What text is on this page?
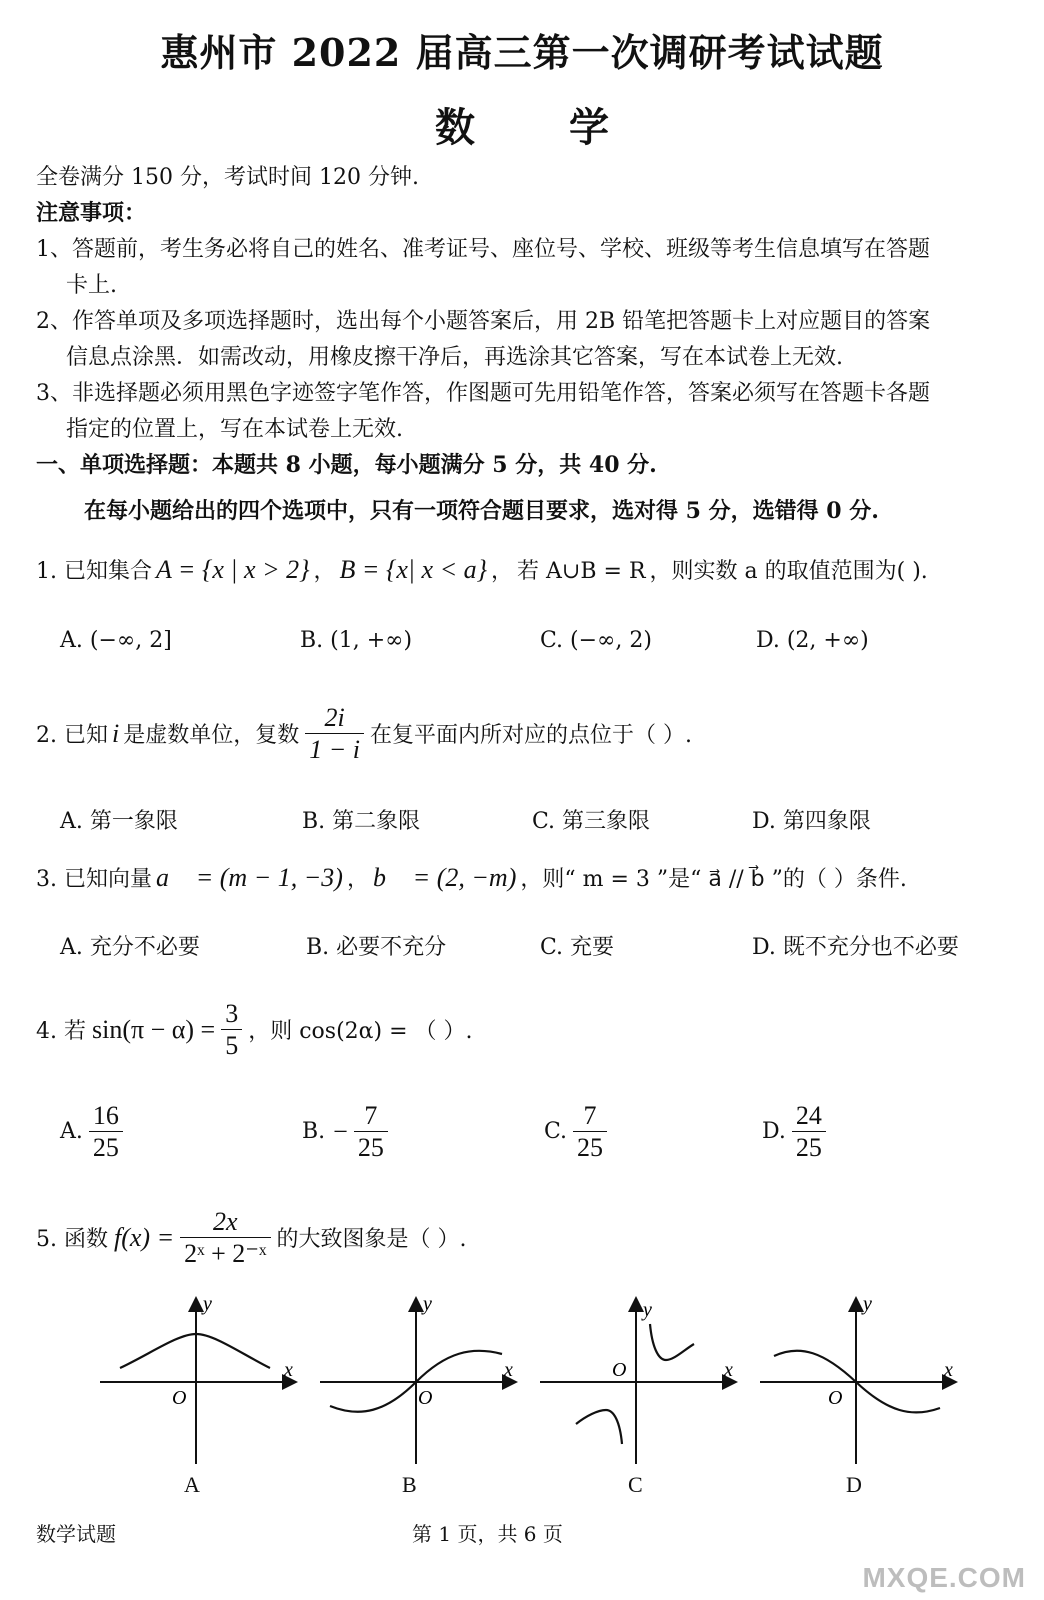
惠州市 2022 届高三第一次调研考试试题
数 学
全卷满分 150 分，考试时间 120 分钟.
注意事项：
1、答题前，考生务必将自己的姓名、准考证号、座位号、学校、班级等考生信息填写在答题
卡上.
2、作答单项及多项选择题时，选出每个小题答案后，用 2B 铅笔把答题卡上对应题目的答案
信息点涂黑．如需改动，用橡皮擦干净后，再选涂其它答案，写在本试卷上无效.
3、非选择题必须用黑色字迹签字笔作答，作图题可先用铅笔作答，答案必须写在答题卡各题
指定的位置上，写在本试卷上无效.
一、单项选择题：本题共 8 小题，每小题满分 5 分，共 40 分.
在每小题给出的四个选项中，只有一项符合题目要求，选对得 5 分，选错得 0 分.
1. 已知集合 A = {x | x > 2} ， B = {x| x < a} ， 若 A∪B = R ， 则实数 a 的取值范围为( ).
A. (−∞, 2]	B. (1, +∞)	C. (−∞, 2)	D. (2, +∞)
2. 已知 i 是虚数单位，复数 $\frac{2i}{1 - i}$ 在复平面内所对应的点位于（ ）.
A. 第一象限	B. 第二象限	C. 第三象限	D. 第四象限
3. 已知向量 a⃗ = (m − 1, −3) ， b⃗ = (2, −m) ，则“ m = 3 ”是“ a⃗ // b⃗ ”的（ ）条件.
A. 充分不必要	B. 必要不充分	C. 充要	D. 既不充分也不必要
4. 若 $\sin(\pi - \alpha) = \frac{3}{5}$ ，则 cos(2α) = （ ）.
A. $\frac{16}{25}$	B. − $\frac{7}{25}$	C. $\frac{7}{25}$	D. $\frac{24}{25}$
5. 函数 $f(x) = \frac{2x}{\text{2ˣ + 2⁻ˣ}}$ 的大致图象是（ ）.
y
x
O
y
x
O
y
x
O
y
x
O
A	B	C	D
数学试题	第 1 页，共 6 页
MXQE.COM
